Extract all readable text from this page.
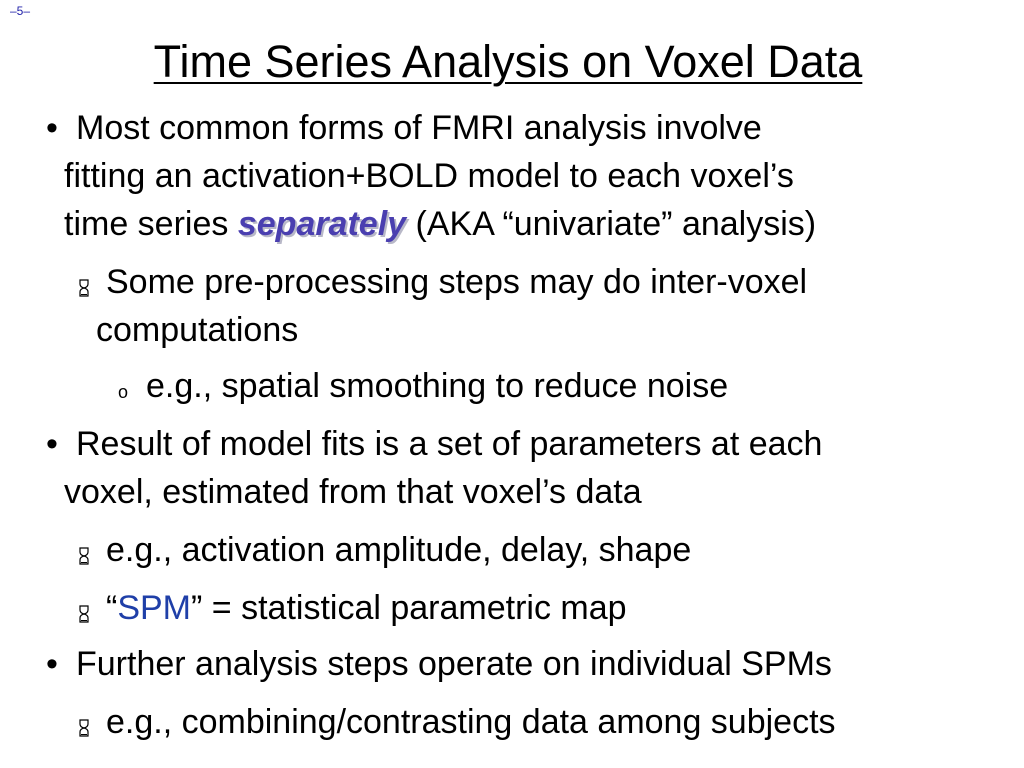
–5–
Time Series Analysis on Voxel Data
• Most common forms of FMRI analysis involve
fitting an activation+BOLD model to each voxel’s
time series separately (AKA “univariate” analysis)
Some pre-processing steps may do inter-voxel
computations
o e.g., spatial smoothing to reduce noise
• Result of model fits is a set of parameters at each
voxel, estimated from that voxel’s data
e.g., activation amplitude, delay, shape
“SPM” = statistical parametric map
• Further analysis steps operate on individual SPMs
e.g., combining/contrasting data among subjects
